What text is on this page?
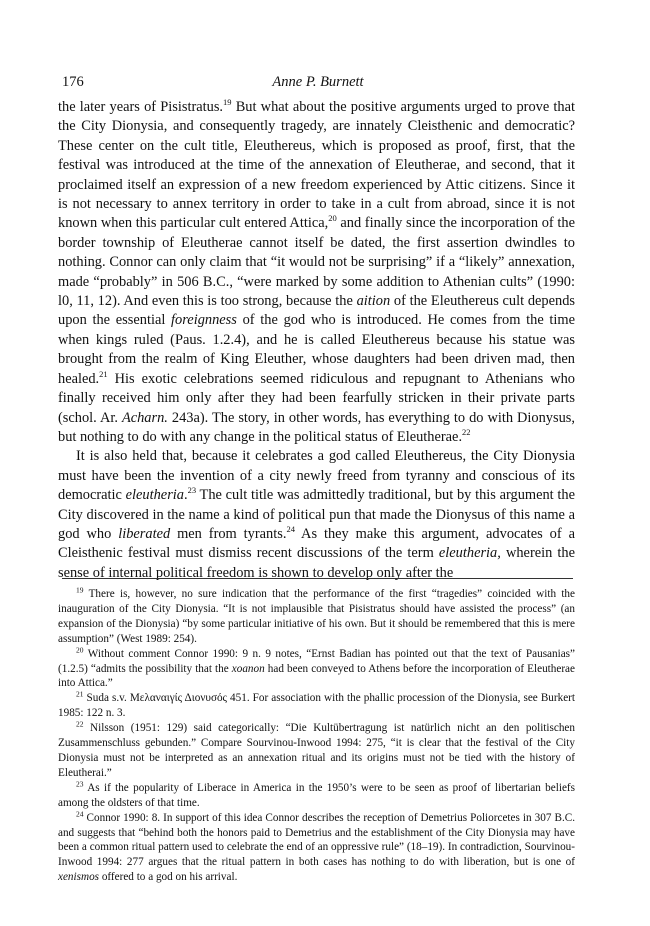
176	Anne P. Burnett

the later years of Pisistratus.$^{19}$ But what about the positive arguments urged to prove that the City Dionysia, and consequently tragedy, are innately Cleisthenic and democratic? These center on the cult title, Eleuthereus, which is proposed as proof, first, that the festival was introduced at the time of the annexation of Eleutherae, and second, that it proclaimed itself an expression of a new freedom experienced by Attic citizens. Since it is not necessary to annex territory in order to take in a cult from abroad, since it is not known when this particular cult entered Attica,$^{20}$ and finally since the incorporation of the border township of Eleutherae cannot itself be dated, the first assertion dwindles to nothing. Connor can only claim that “it would not be surprising” if a “likely” annexation, made “probably” in 506 B.C., “were marked by some addition to Athenian cults” (1990: l0, 11, 12). And even this is too strong, because the aition of the Eleuthereus cult depends upon the essential foreignness of the god who is introduced. He comes from the time when kings ruled (Paus. 1.2.4), and he is called Eleuthereus because his statue was brought from the realm of King Eleuther, whose daughters had been driven mad, then healed.$^{21}$ His exotic celebrations seemed ridiculous and repugnant to Athenians who finally received him only after they had been fearfully stricken in their private parts (schol. Ar. Acharn. 243a). The story, in other words, has everything to do with Dionysus, but nothing to do with any change in the political status of Eleutherae.$^{22}$

It is also held that, because it celebrates a god called Eleuthereus, the City Dionysia must have been the invention of a city newly freed from tyranny and conscious of its democratic eleutheria.$^{23}$ The cult title was admittedly traditional, but by this argument the City discovered in the name a kind of political pun that made the Dionysus of this name a god who liberated men from tyrants.$^{24}$ As they make this argument, advocates of a Cleisthenic festival must dismiss recent discussions of the term eleutheria, wherein the sense of internal political freedom is shown to develop only after the

$^{19}$ There is, however, no sure indication that the performance of the first “tragedies” coincided with the inauguration of the City Dionysia. “It is not implausible that Pisistratus should have assisted the process” (an expansion of the Dionysia) “by some particular initiative of his own. But it should be remembered that this is mere assumption” (West 1989: 254).

$^{20}$ Without comment Connor 1990: 9 n. 9 notes, “Ernst Badian has pointed out that the text of Pausanias” (1.2.5) “admits the possibility that the xoanon had been conveyed to Athens before the incorporation of Eleutherae into Attica.”

$^{21}$ Suda s.v. Μελαναιγίς Διονυσός 451. For association with the phallic procession of the Dionysia, see Burkert 1985: 122 n. 3.

$^{22}$ Nilsson (1951: 129) said categorically: “Die Kultübertragung ist natürlich nicht an den politischen Zusammenschluss gebunden.” Compare Sourvinou-Inwood 1994: 275, “it is clear that the festival of the City Dionysia must not be interpreted as an annexation ritual and its origins must not be tied with the history of Eleutherai.”

$^{23}$ As if the popularity of Liberace in America in the 1950’s were to be seen as proof of libertarian beliefs among the oldsters of that time.

$^{24}$ Connor 1990: 8. In support of this idea Connor describes the reception of Demetrius Poliorcetes in 307 B.C. and suggests that “behind both the honors paid to Demetrius and the establishment of the City Dionysia may have been a common ritual pattern used to celebrate the end of an oppressive rule” (18–19). In contradiction, Sourvinou-Inwood 1994: 277 argues that the ritual pattern in both cases has nothing to do with liberation, but is one of xenismos offered to a god on his arrival.
